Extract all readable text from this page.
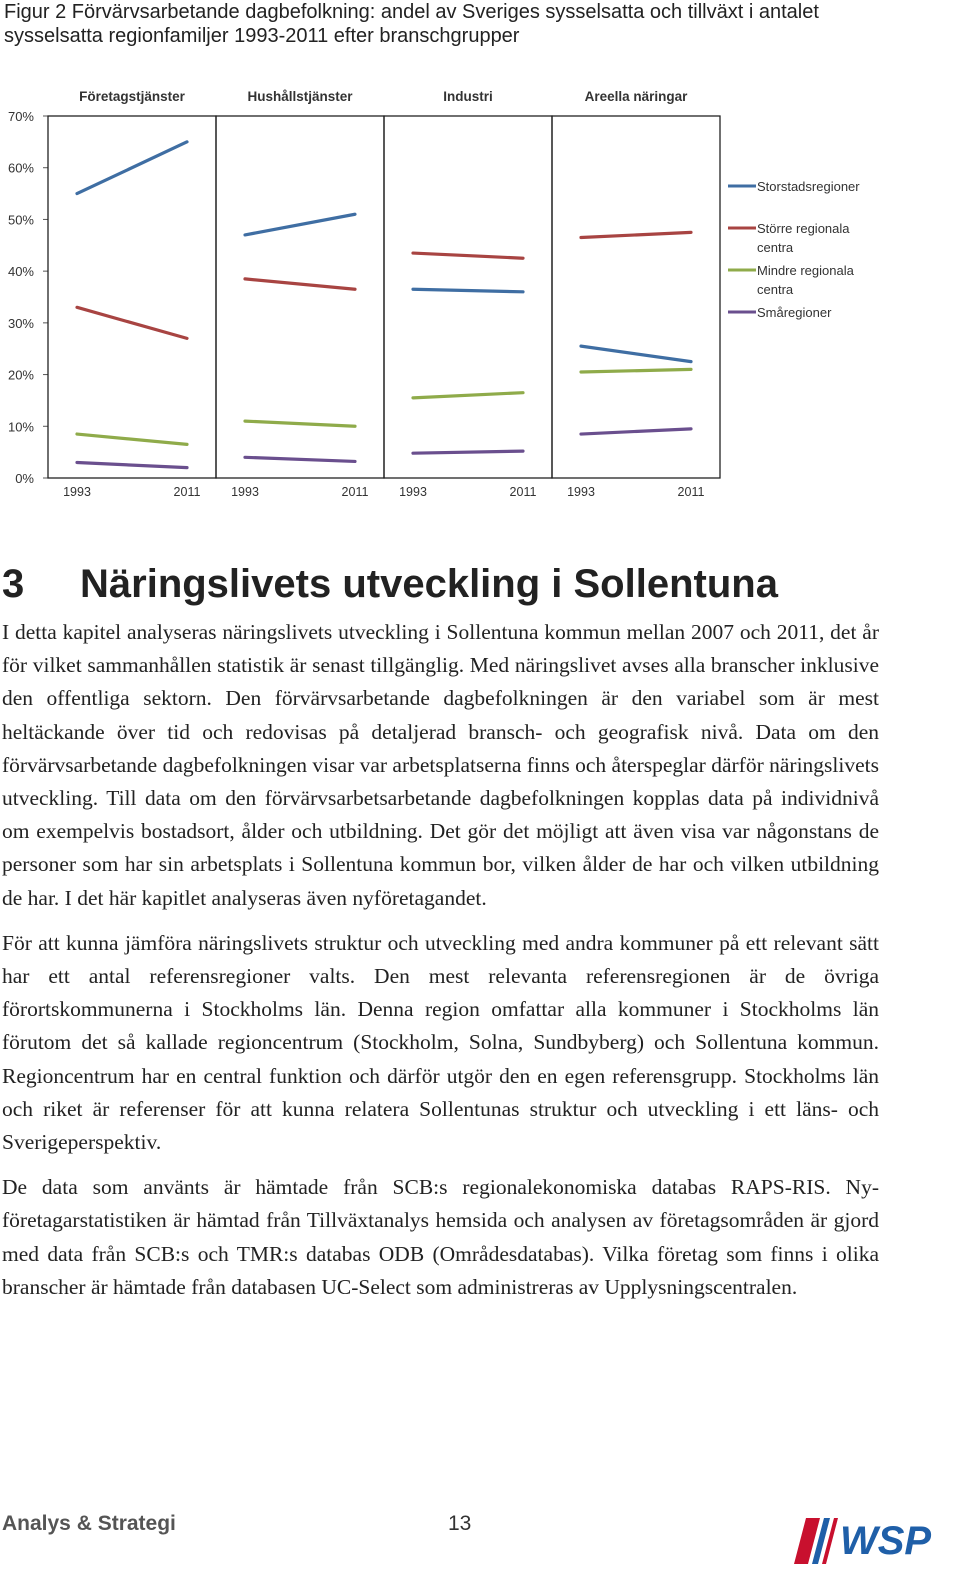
Figur 2 Förvärvsarbetande dagbefolkning: andel av Sveriges sysselsatta och tillväxt i antalet sysselsatta regionfamiljer 1993-2011 efter branschgrupper
0%
10%
20%
30%
40%
50%
60%
70%
Företagstjänster
1993	2011
Hushållstjänster
1993	2011
Industri
1993	2011
Areella näringar
1993	2011
Storstadsregioner
Större regionala centra
Mindre regionala centra
Småregioner
3 Näringslivets utveckling i Sollentuna

I detta kapitel analyseras näringslivets utveckling i Sollentuna kommun mellan 2007 och 2011, det år för vilket sammanhållen statistik är senast tillgänglig. Med näringslivet avses alla branscher inklusive den offentliga sektorn. Den förvärvsarbetande dagbefolkningen är den variabel som är mest heltäckande över tid och redovisas på detaljerad bransch- och geografisk nivå. Data om den förvärvsarbetande dagbefolkningen visar var arbetsplatserna finns och återspeglar därför näringslivets utveckling. Till data om den förvärvsarbetsarbetande dagbefolkningen kopplas data på individnivå om exempelvis bostadsort, ålder och utbildning. Det gör det möjligt att även visa var någonstans de personer som har sin arbetsplats i Sollentuna kommun bor, vilken ålder de har och vilken utbildning de har. I det här kapitlet analyseras även nyföretagandet.

För att kunna jämföra näringslivets struktur och utveckling med andra kommuner på ett relevant sätt har ett antal referensregioner valts. Den mest relevanta referensregionen är de övriga förortskommunerna i Stockholms län. Denna region omfattar alla kommuner i Stockholms län förutom det så kallade regioncentrum (Stockholm, Solna, Sundbyberg) och Sollentuna kommun. Regioncentrum har en central funktion och därför utgör den en egen referensgrupp. Stockholms län och riket är referenser för att kunna relatera Sollentunas struktur och utveckling i ett läns- och Sverigeperspektiv.

De data som använts är hämtade från SCB:s regionalekonomiska databas RAPS-RIS. Nyföretagarstatistiken är hämtad från Tillväxtanalys hemsida och analysen av företagsområden är gjord med data från SCB:s och TMR:s databas ODB (Områdesdatabas). Vilka företag som finns i olika branscher är hämtade från databasen UC-Select som administreras av Upplysningscentralen.

Analys & Strategi	13	WSP
